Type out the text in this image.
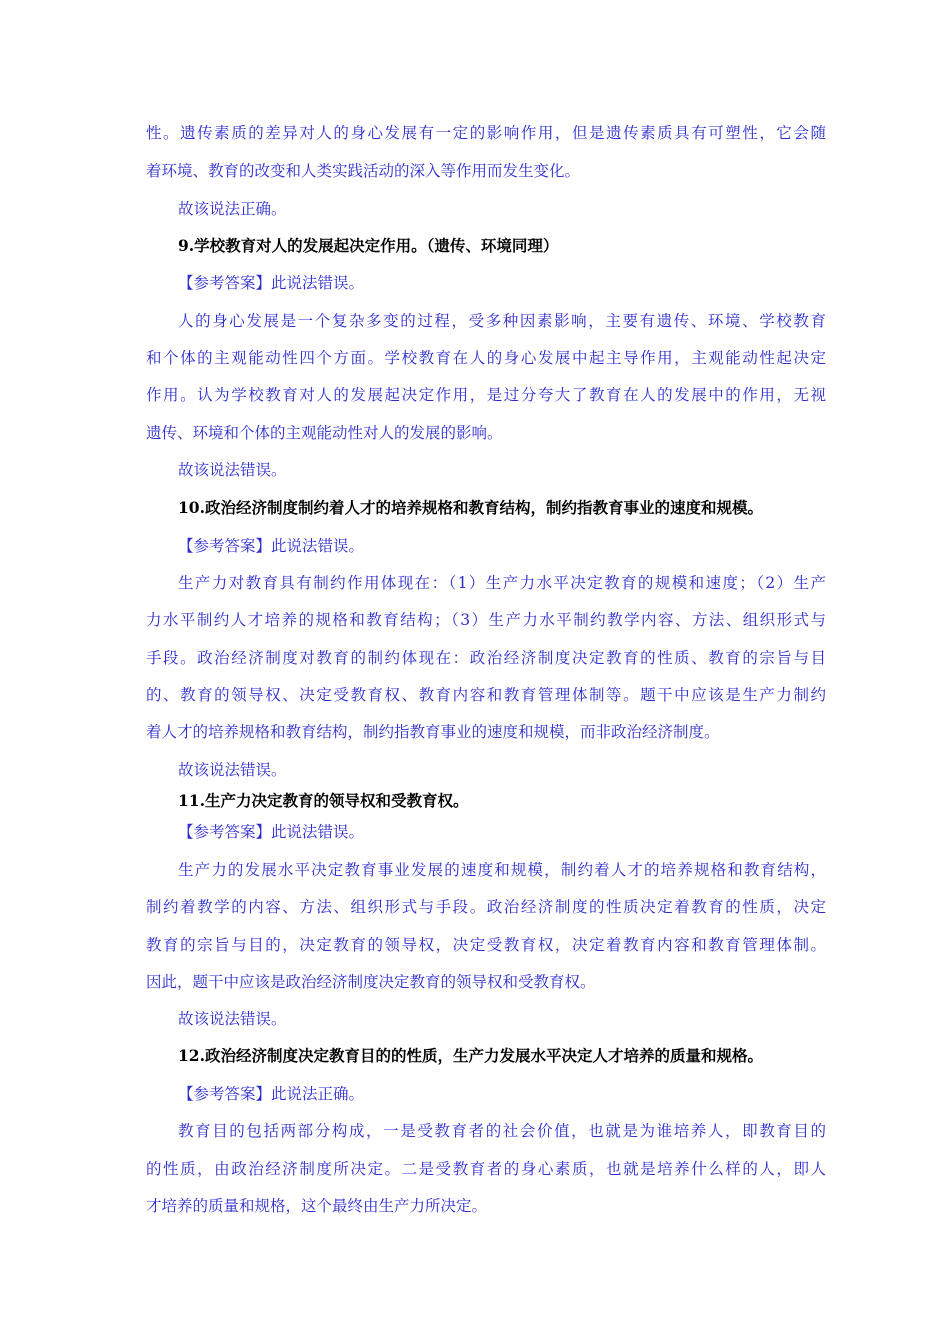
性。遗传素质的差异对人的身心发展有一定的影响作用，但是遗传素质具有可塑性，它会随
着环境、教育的改变和人类实践活动的深入等作用而发生变化。
故该说法正确。
9.学校教育对人的发展起决定作用。（遗传、环境同理）
【参考答案】此说法错误。
人的身心发展是一个复杂多变的过程，受多种因素影响，主要有遗传、环境、学校教育
和个体的主观能动性四个方面。学校教育在人的身心发展中起主导作用，主观能动性起决定
作用。认为学校教育对人的发展起决定作用，是过分夸大了教育在人的发展中的作用，无视
遗传、环境和个体的主观能动性对人的发展的影响。
故该说法错误。
10.政治经济制度制约着人才的培养规格和教育结构，制约指教育事业的速度和规模。
【参考答案】此说法错误。
生产力对教育具有制约作用体现在：（1）生产力水平决定教育的规模和速度；（2）生产
力水平制约人才培养的规格和教育结构；（3）生产力水平制约教学内容、方法、组织形式与
手段。政治经济制度对教育的制约体现在：政治经济制度决定教育的性质、教育的宗旨与目
的、教育的领导权、决定受教育权、教育内容和教育管理体制等。题干中应该是生产力制约
着人才的培养规格和教育结构，制约指教育事业的速度和规模，而非政治经济制度。
故该说法错误。
11.生产力决定教育的领导权和受教育权。
【参考答案】此说法错误。
生产力的发展水平决定教育事业发展的速度和规模，制约着人才的培养规格和教育结构，
制约着教学的内容、方法、组织形式与手段。政治经济制度的性质决定着教育的性质，决定
教育的宗旨与目的，决定教育的领导权，决定受教育权，决定着教育内容和教育管理体制。
因此，题干中应该是政治经济制度决定教育的领导权和受教育权。
故该说法错误。
12.政治经济制度决定教育目的的性质，生产力发展水平决定人才培养的质量和规格。
【参考答案】此说法正确。
教育目的包括两部分构成，一是受教育者的社会价值，也就是为谁培养人，即教育目的
的性质，由政治经济制度所决定。二是受教育者的身心素质，也就是培养什么样的人，即人
才培养的质量和规格，这个最终由生产力所决定。
